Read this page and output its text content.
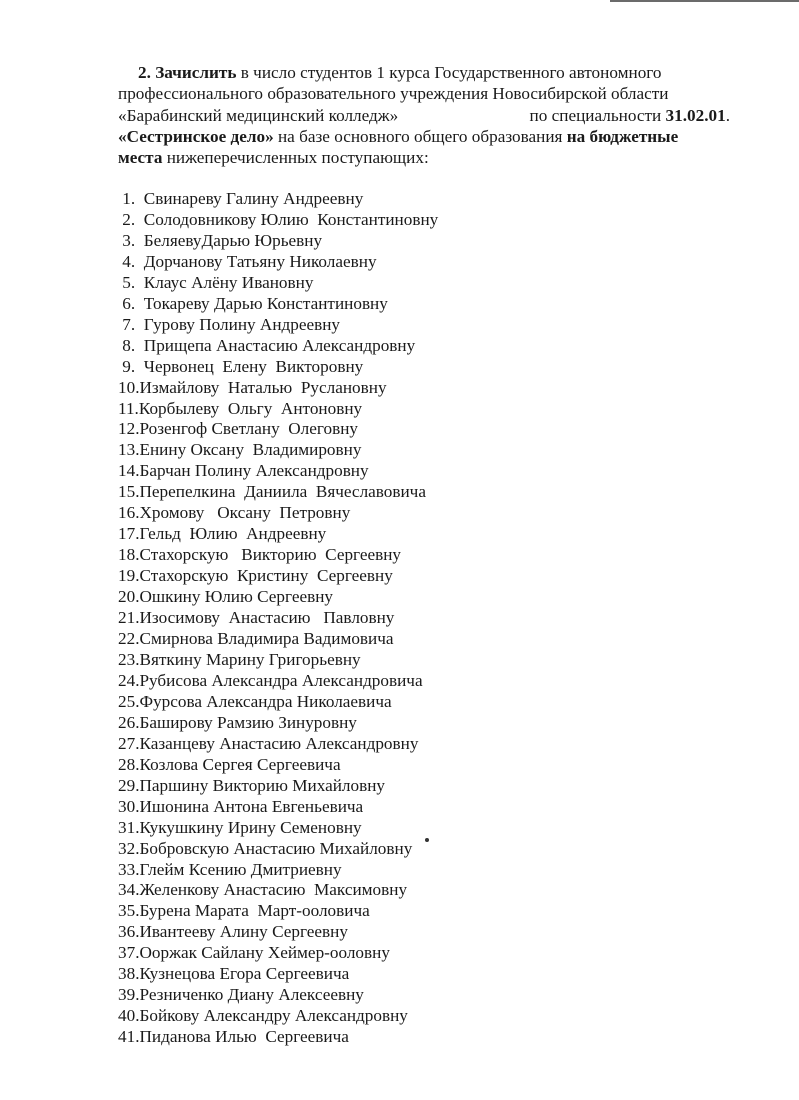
2. Зачислить в число студентов 1 курса Государственного автономного
профессионального образовательного учреждения Новосибирской области
«Барабинский медицинский колледж»	по специальности 31.02.01.
«Сестринское дело» на базе основного общего образования на бюджетные
места нижеперечисленных поступающих:
1.  Свинареву Галину Андреевну
2.  Солодовникову Юлию  Константиновну
3.  БеляевуДарью Юрьевну
4.  Дорчанову Татьяну Николаевну
5.  Клаус Алёну Ивановну
6.  Токареву Дарью Константиновну
7.  Гурову Полину Андреевну
8.  Прищепа Анастасию Александровну
9.  Червонец  Елену  Викторовну
10.Измайлову  Наталью  Руслановну
11.Корбылеву  Ольгу  Антоновну
12.Розенгоф Светлану  Олеговну
13.Енину Оксану  Владимировну
14.Барчан Полину Александровну
15.Перепелкина  Даниила  Вячеславовича
16.Хромову   Оксану  Петровну
17.Гельд  Юлию  Андреевну
18.Стахорскую   Викторию  Сергеевну
19.Стахорскую  Кристину  Сергеевну
20.Ошкину Юлию Сергеевну
21.Изосимову  Анастасию   Павловну
22.Смирнова Владимира Вадимовича
23.Вяткину Марину Григорьевну
24.Рубисова Александра Александровича
25.Фурсова Александра Николаевича
26.Баширову Рамзию Зинуровну
27.Казанцеву Анастасию Александровну
28.Козлова Сергея Сергеевича
29.Паршину Викторию Михайловну
30.Ишонина Антона Евгеньевича
31.Кукушкину Ирину Семеновну
32.Бобровскую Анастасию Михайловну
33.Глейм Ксению Дмитриевну
34.Желенкову Анастасию  Максимовну
35.Бурена Марата  Март-ооловича
36.Ивантееву Алину Сергеевну
37.Ооржак Сайлану Хеймер-ооловну
38.Кузнецова Егора Сергеевича
39.Резниченко Диану Алексеевну
40.Бойкову Александру Александровну
41.Пиданова Илью  Сергеевича
